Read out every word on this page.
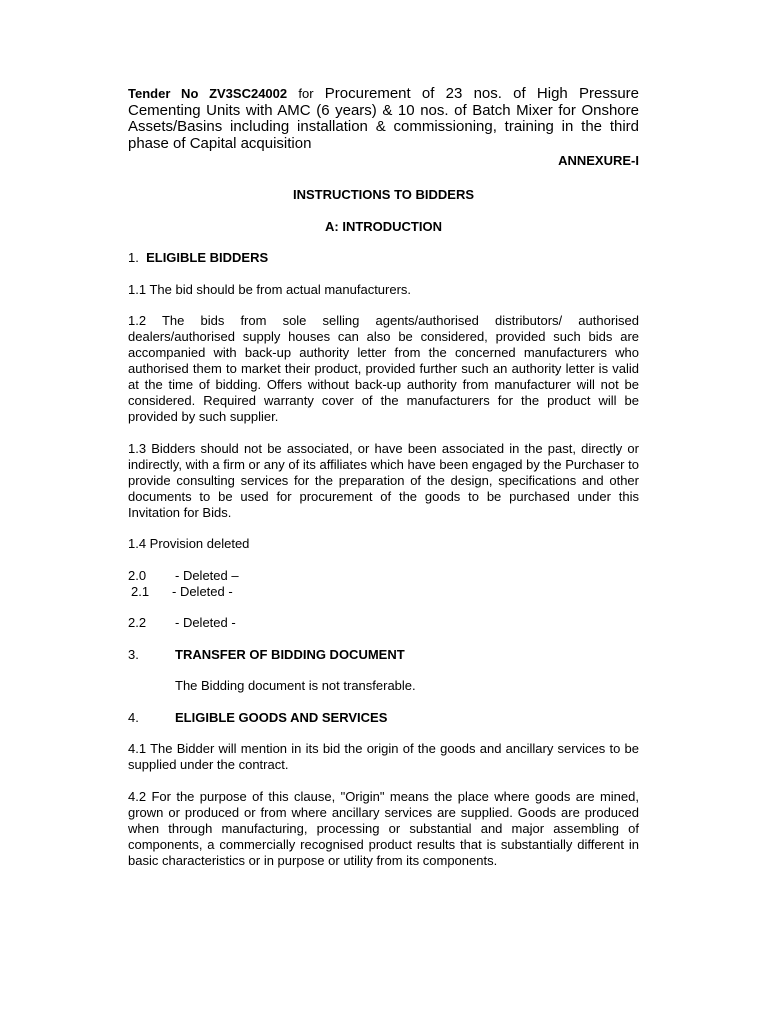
Tender No ZV3SC24002 for Procurement of 23 nos. of High Pressure Cementing Units with AMC (6 years) & 10 nos. of Batch Mixer for Onshore Assets/Basins including installation & commissioning, training in the third phase of Capital acquisition

ANNEXURE-I

INSTRUCTIONS TO BIDDERS

A: INTRODUCTION

1. ELIGIBLE BIDDERS

1.1 The bid should be from actual manufacturers.

1.2 The bids from sole selling agents/authorised distributors/ authorised dealers/authorised supply houses can also be considered, provided such bids are accompanied with back-up authority letter from the concerned manufacturers who authorised them to market their product, provided further such an authority letter is valid at the time of bidding. Offers without back-up authority from manufacturer will not be considered. Required warranty cover of the manufacturers for the product will be provided by such supplier.

1.3 Bidders should not be associated, or have been associated in the past, directly or indirectly, with a firm or any of its affiliates which have been engaged by the Purchaser to provide consulting services for the preparation of the design, specifications and other documents to be used for procurement of the goods to be purchased under this Invitation for Bids.

1.4 Provision deleted

2.0 - Deleted –

2.1 - Deleted -

2.2 - Deleted -

3.	TRANSFER OF BIDDING DOCUMENT

The Bidding document is not transferable.

4.	ELIGIBLE GOODS AND SERVICES

4.1 The Bidder will mention in its bid the origin of the goods and ancillary services to be supplied under the contract.

4.2 For the purpose of this clause, "Origin" means the place where goods are mined, grown or produced or from where ancillary services are supplied. Goods are produced when through manufacturing, processing or substantial and major assembling of components, a commercially recognised product results that is substantially different in basic characteristics or in purpose or utility from its components.
